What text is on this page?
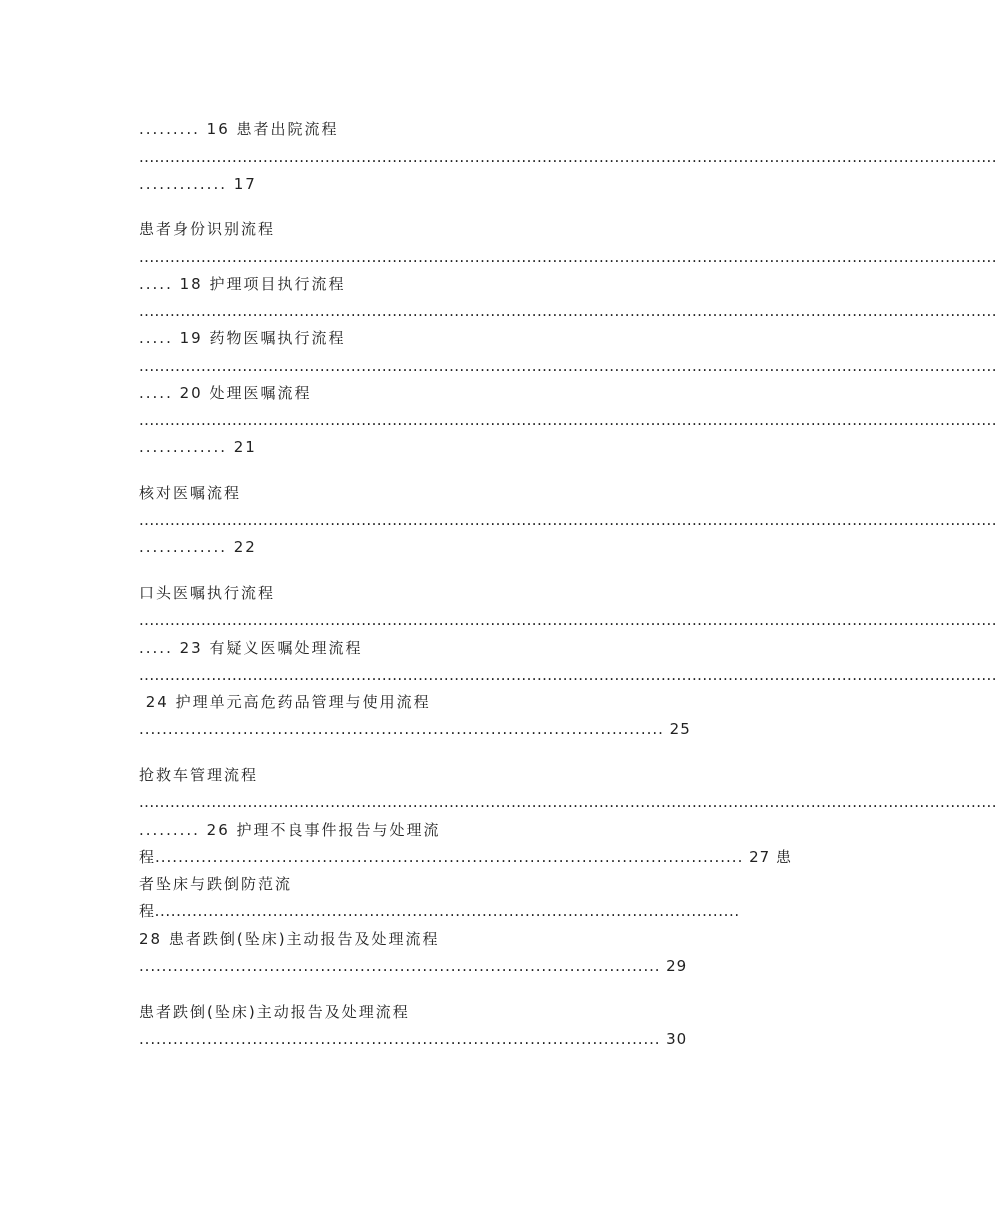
......... 16 患者出院流程
......................................................................................................................................................................
............. 17
患者身份识别流程
......................................................................................................................................................................
..... 18 护理项目执行流程
......................................................................................................................................................................
..... 19 药物医嘱执行流程
......................................................................................................................................................................
..... 20 处理医嘱流程
......................................................................................................................................................................
............. 21
核对医嘱流程
......................................................................................................................................................................
............. 22
口头医嘱执行流程
......................................................................................................................................................................
..... 23 有疑义医嘱处理流程
......................................................................................................................................................................
24 护理单元高危药品管理与使用流程
........................................................................................... 25
抢救车管理流程
......................................................................................................................................................................
......... 26 护理不良事件报告与处理流
程...................................................................................................... 27 患
者坠床与跌倒防范流
程.............................................................................................................
28 患者跌倒(坠床)主动报告及处理流程
............................................................................................ 29
患者跌倒(坠床)主动报告及处理流程
............................................................................................ 30
